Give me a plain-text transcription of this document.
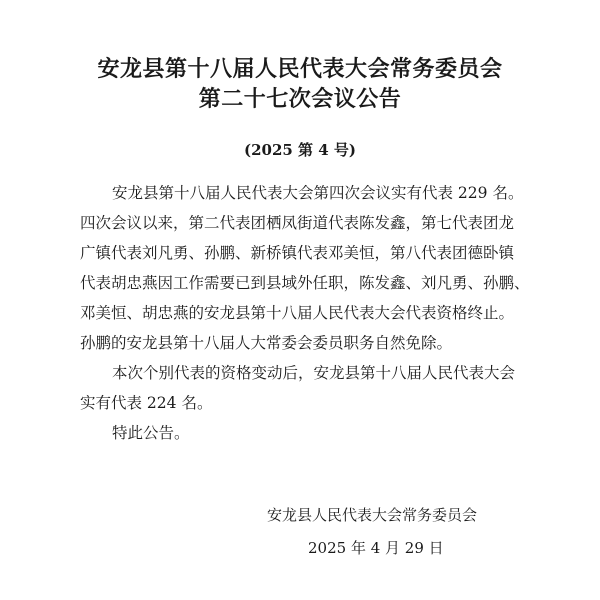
安龙县第十八届人民代表大会常务委员会
第二十七次会议公告
(2025 第 4 号)
安龙县第十八届人民代表大会第四次会议实有代表 229 名。
四次会议以来，第二代表团栖凤街道代表陈发鑫，第七代表团龙
广镇代表刘凡勇、孙鹏、新桥镇代表邓美恒，第八代表团德卧镇
代表胡忠燕因工作需要已到县域外任职，陈发鑫、刘凡勇、孙鹏、
邓美恒、胡忠燕的安龙县第十八届人民代表大会代表资格终止。
孙鹏的安龙县第十八届人大常委会委员职务自然免除。
本次个别代表的资格变动后，安龙县第十八届人民代表大会
实有代表 224 名。
特此公告。
安龙县人民代表大会常务委员会
2025 年 4 月 29 日
